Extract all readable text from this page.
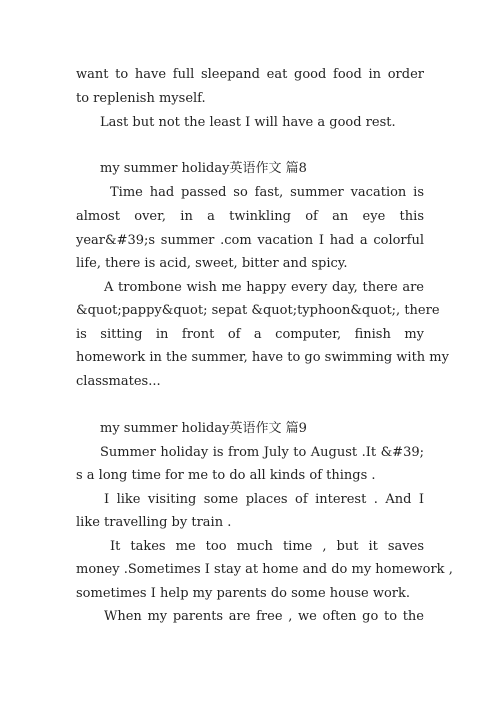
want to have full sleepand eat good food in order
to replenish myself.
Last but not the least I will have a good rest.
my summer holiday英语作文 篇8
Time had passed so fast, summer vacation is
almost over, in a twinkling of an eye this
year&#39;s summer .com vacation I had a colorful
life, there is acid, sweet, bitter and spicy.
A trombone wish me happy every day, there are
&quot;pappy&quot; sepat &quot;typhoon&quot;, there
is sitting in front of a computer, finish my
homework in the summer, have to go swimming with my
classmates...
my summer holiday英语作文 篇9
Summer holiday is from July to August .It &#39;
s a long time for me to do all kinds of things .
I like visiting some places of interest . And I
like travelling by train .
It takes me too much time , but it saves
money .Sometimes I stay at home and do my homework ,
sometimes I help my parents do some house work.
When my parents are free , we often go to the
